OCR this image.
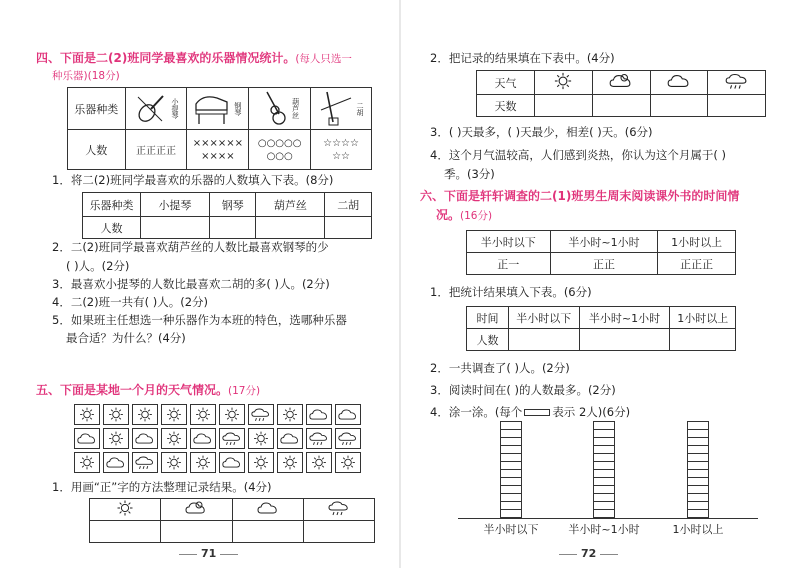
四、下面是二(2)班同学最喜欢的乐器情况统计。(每人只选一
种乐器)(18分)
乐器种类	小提琴	钢琴	葫芦丝	二胡

人数	正正正正	××××××××××	○○○○○○○○	☆☆☆☆☆☆
1．将二(2)班同学最喜欢的乐器的人数填入下表。(8分)
乐器种类	小提琴	钢琴	葫芦丝	二胡
人数				
2．二(2)班同学最喜欢葫芦丝的人数比最喜欢钢琴的少
( )人。(2分)
3．最喜欢小提琴的人数比最喜欢二胡的多( )人。(2分)
4．二(2)班一共有( )人。(2分)
5．如果班主任想选一种乐器作为本班的特色，选哪种乐器
最合适？为什么？(4分)
五、下面是某地一个月的天气情况。(17分)
1．用画“正”字的方法整理记录结果。(4分)

71
2．把记录的结果填在下表中。(4分)
天气				
天数				
3．( )天最多，( )天最少，相差( )天。(6分)
4．这个月气温较高，人们感到炎热，你认为这个月属于( )
季。(3分)
六、下面是轩轩调查的二(1)班男生周末阅读课外书的时间情
况。(16分)
半小时以下	半小时~1小时	1小时以上
正一	正正	正正正
1．把统计结果填入下表。(6分)
时间	半小时以下	半小时~1小时	1小时以上
人数			
2．一共调查了( )人。(2分)
3．阅读时间在( )的人数最多。(2分)
4．涂一涂。(每个	表示 2人)(6分)
半小时以下	半小时~1小时	1小时以上
72
